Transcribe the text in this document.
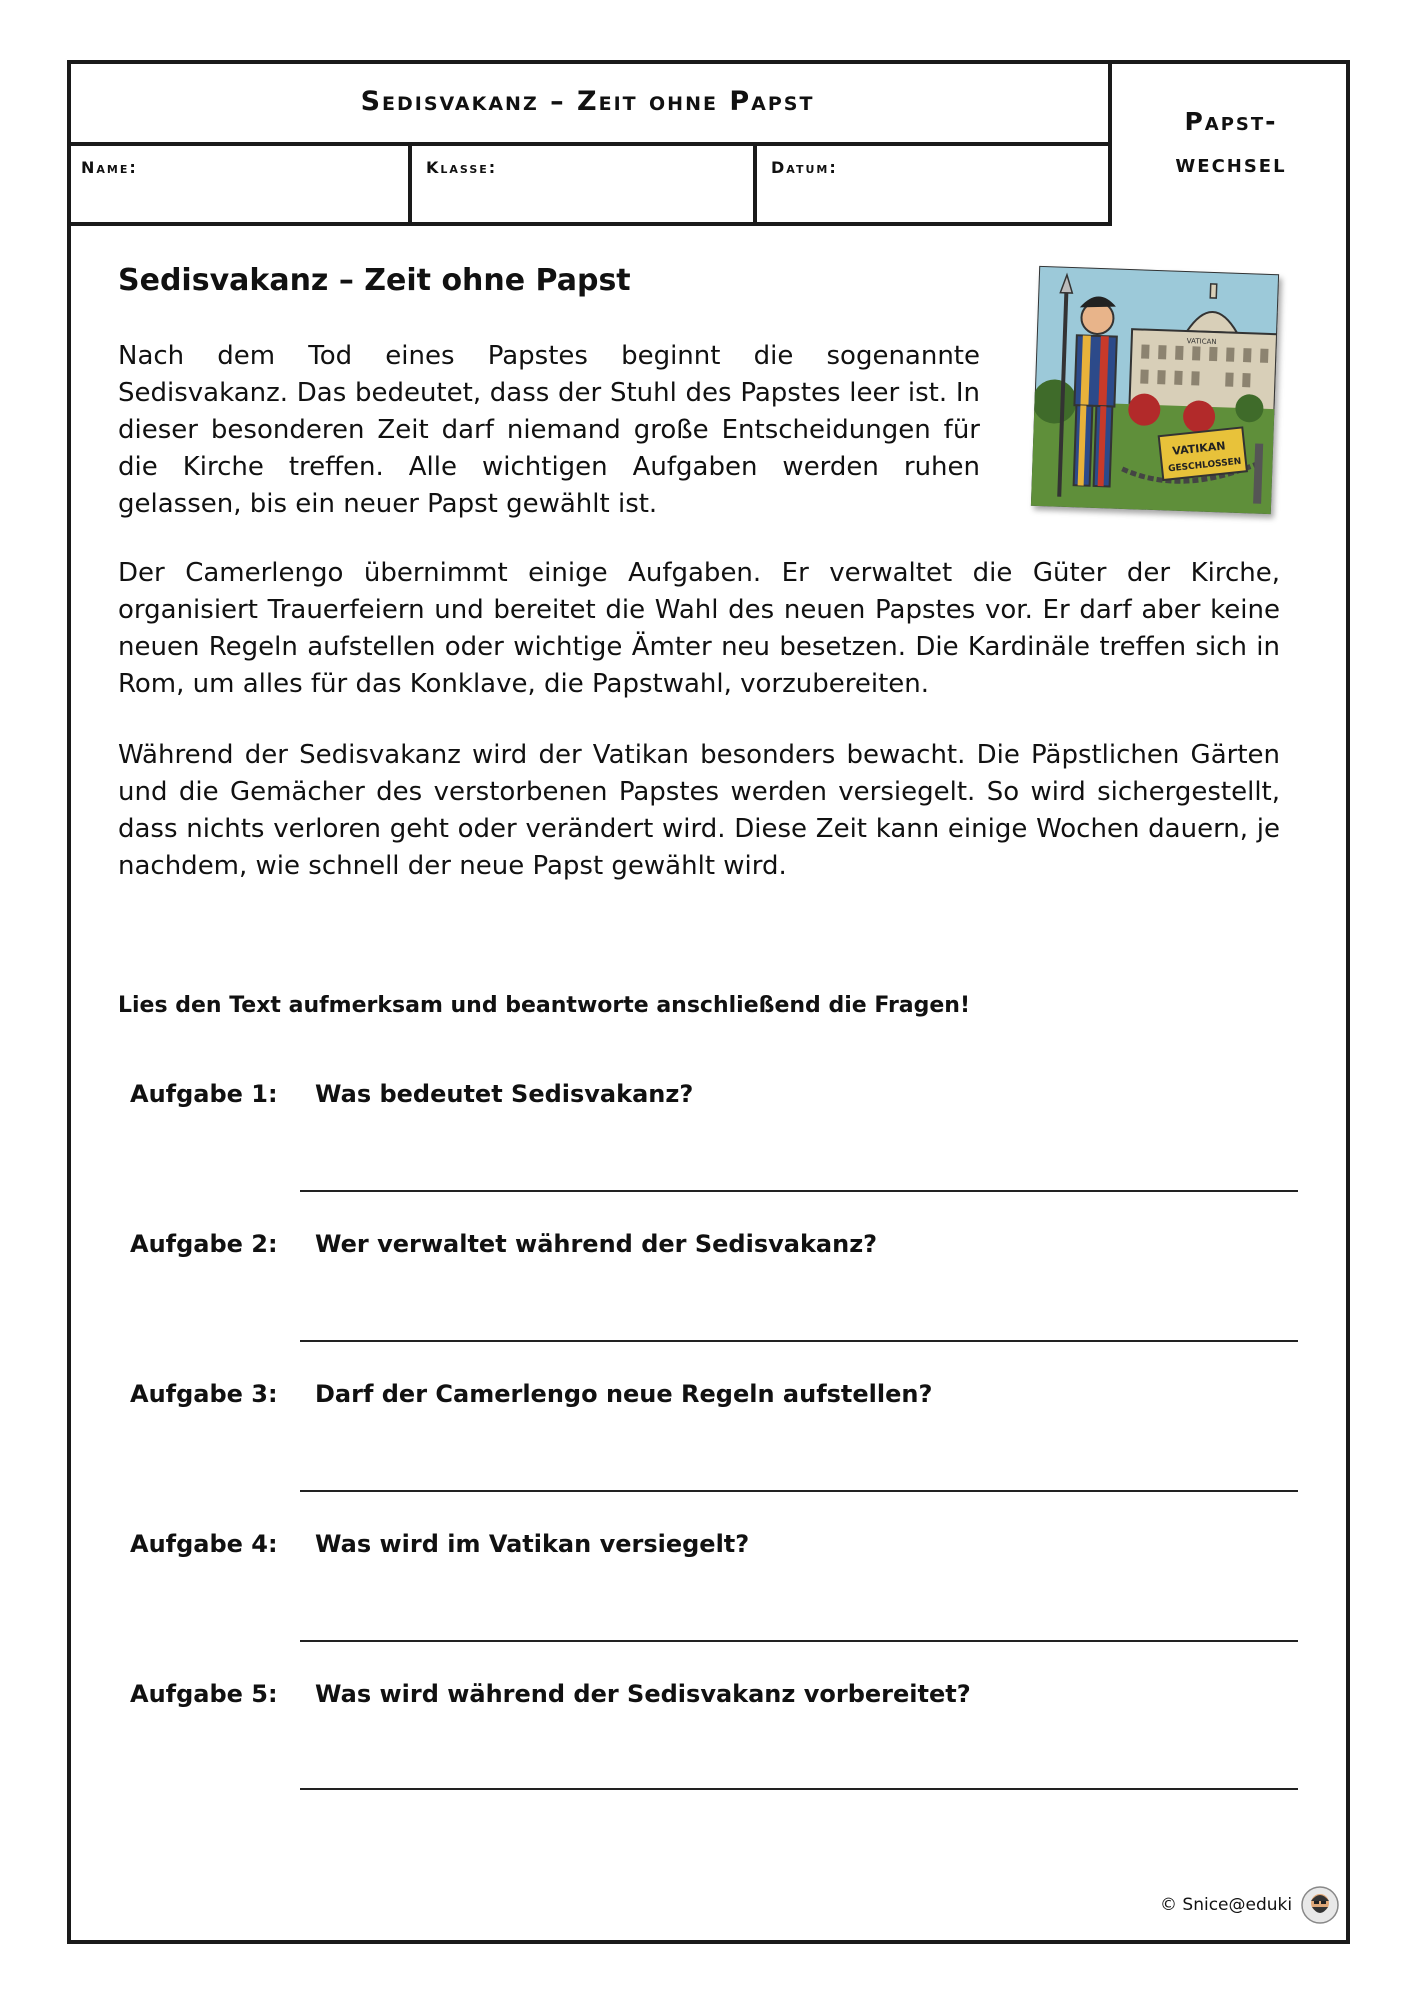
Sedisvakanz – Zeit ohne Papst
Papst-
wechsel
Name:	Klasse:	Datum:
Sedisvakanz – Zeit ohne Papst

Nach dem Tod eines Papstes beginnt die sogenannte Sedisvakanz. Das bedeutet, dass der Stuhl des Papstes leer ist. In dieser besonderen Zeit darf niemand große Entscheidungen für die Kirche treffen. Alle wichtigen Aufgaben werden ruhen gelassen, bis ein neuer Papst gewählt ist.

Der Camerlengo übernimmt einige Aufgaben. Er verwaltet die Güter der Kirche, organisiert Trauerfeiern und bereitet die Wahl des neuen Papstes vor. Er darf aber keine neuen Regeln aufstellen oder wichtige Ämter neu besetzen. Die Kardinäle treffen sich in Rom, um alles für das Konklave, die Papstwahl, vorzubereiten.

Während der Sedisvakanz wird der Vatikan besonders bewacht. Die Päpstlichen Gärten und die Gemächer des verstorbenen Papstes werden versiegelt. So wird sichergestellt, dass nichts verloren geht oder verändert wird. Diese Zeit kann einige Wochen dauern, je nachdem, wie schnell der neue Papst gewählt wird.

VATICAN
VATIKAN
GESCHLOSSEN

Lies den Text aufmerksam und beantworte anschließend die Fragen!

Aufgabe 1: Was bedeutet Sedisvakanz?
Aufgabe 2: Wer verwaltet während der Sedisvakanz?
Aufgabe 3: Darf der Camerlengo neue Regeln aufstellen?
Aufgabe 4: Was wird im Vatikan versiegelt?
Aufgabe 5: Was wird während der Sedisvakanz vorbereitet?
© Snice@eduki
